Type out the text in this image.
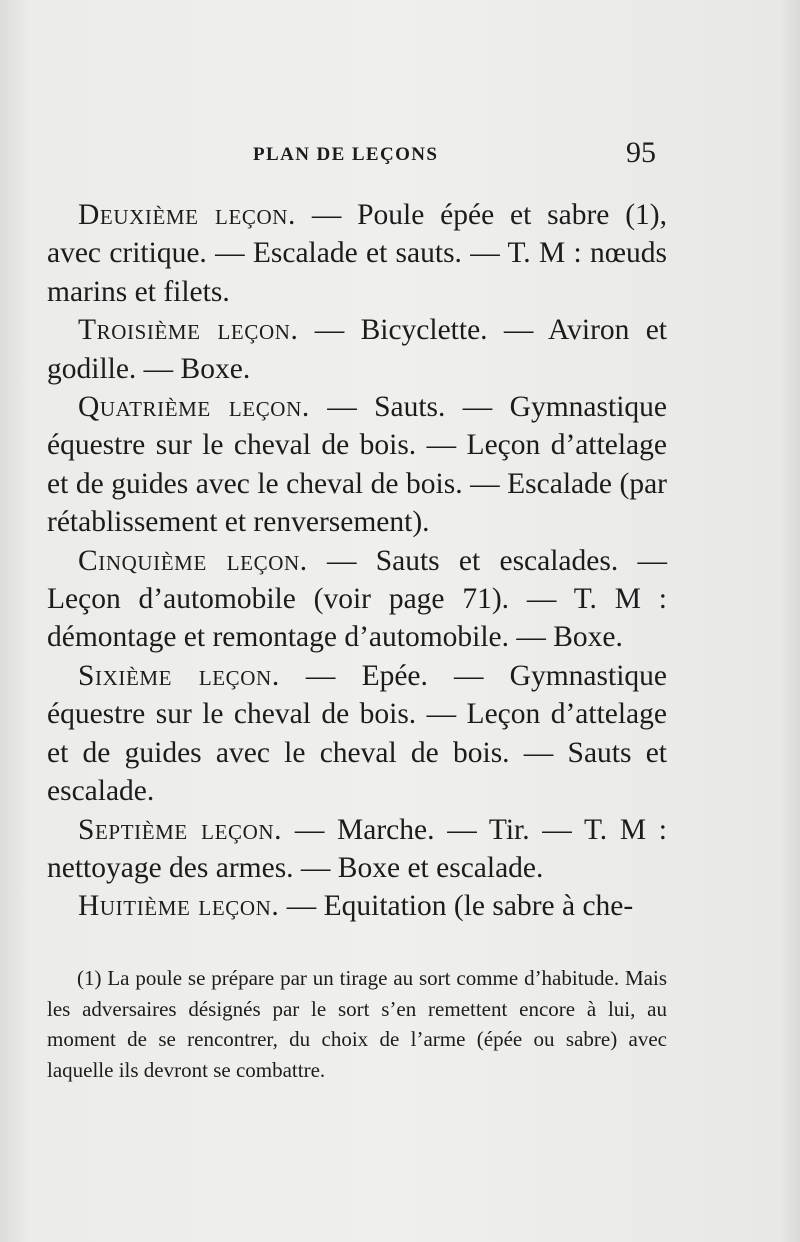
PLAN DE LEÇONS	95

Deuxième leçon. — Poule épée et sabre (1), avec critique. — Escalade et sauts. — T. M : nœuds marins et filets.

Troisième leçon. — Bicyclette. — Aviron et godille. — Boxe.

Quatrième leçon. — Sauts. — Gymnastique équestre sur le cheval de bois. — Leçon d’attelage et de guides avec le cheval de bois. — Escalade (par rétablissement et renversement).

Cinquième leçon. — Sauts et escalades. — Leçon d’automobile (voir page 71). — T. M : démontage et remontage d’automobile. — Boxe.

Sixième leçon. — Epée. — Gymnastique équestre sur le cheval de bois. — Leçon d’attelage et de guides avec le cheval de bois. — Sauts et escalade.

Septième leçon. — Marche. — Tir. — T. M : nettoyage des armes. — Boxe et escalade.

Huitième leçon. — Equitation (le sabre à che-

(1) La poule se prépare par un tirage au sort comme d’habitude. Mais les adversaires désignés par le sort s’en remettent encore à lui, au moment de se rencontrer, du choix de l’arme (épée ou sabre) avec laquelle ils devront se combattre.
